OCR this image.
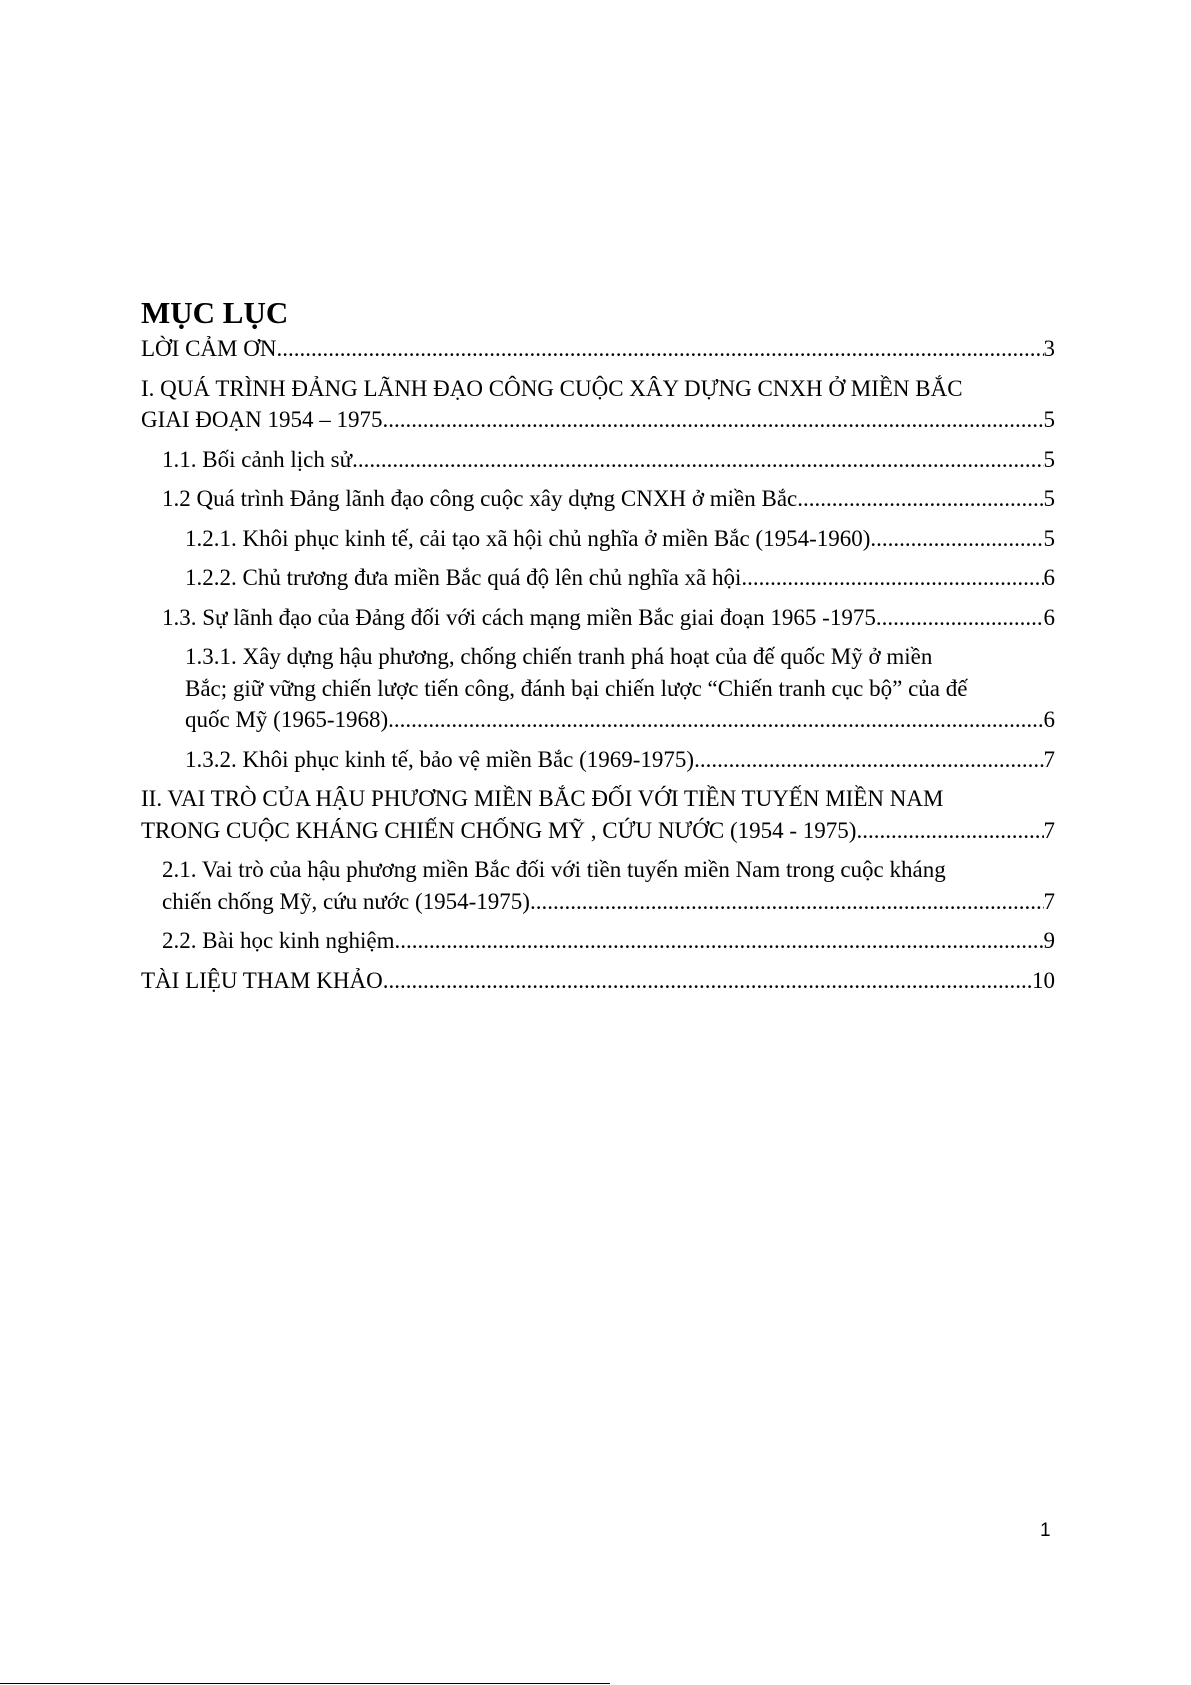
MỤC LỤC
LỜI CẢM ƠN .....	3
I. QUÁ TRÌNH ĐẢNG LÃNH ĐẠO CÔNG CUỘC XÂY DỰNG CNXH Ở MIỀN BẮC
GIAI ĐOẠN 1954 – 1975 .....	5
1.1. Bối cảnh lịch sử .....	5
1.2 Quá trình Đảng lãnh đạo công cuộc xây dựng CNXH ở miền Bắc .....	5
1.2.1. Khôi phục kinh tế, cải tạo xã hội chủ nghĩa ở miền Bắc (1954-1960) .....	5
1.2.2. Chủ trương đưa miền Bắc quá độ lên chủ nghĩa xã hội .....	6
1.3. Sự lãnh đạo của Đảng đối với cách mạng miền Bắc giai đoạn 1965 -1975 .....	6
1.3.1. Xây dựng hậu phương, chống chiến tranh phá hoạt của đế quốc Mỹ ở miền
Bắc; giữ vững chiến lược tiến công, đánh bại chiến lược “Chiến tranh cục bộ” của đế
quốc Mỹ (1965-1968) .....	6
1.3.2. Khôi phục kinh tế, bảo vệ miền Bắc (1969-1975) .....	7
II. VAI TRÒ CỦA HẬU PHƯƠNG MIỀN BẮC ĐỐI VỚI TIỀN TUYẾN MIỀN NAM
TRONG CUỘC KHÁNG CHIẾN CHỐNG MỸ , CỨU NƯỚC (1954 - 1975) .....	7
2.1. Vai trò của hậu phương miền Bắc đối với tiền tuyến miền Nam trong cuộc kháng
chiến chống Mỹ, cứu nước (1954-1975) .....	7
2.2. Bài học kinh nghiệm .....	9
TÀI LIỆU THAM KHẢO .....	10
1
